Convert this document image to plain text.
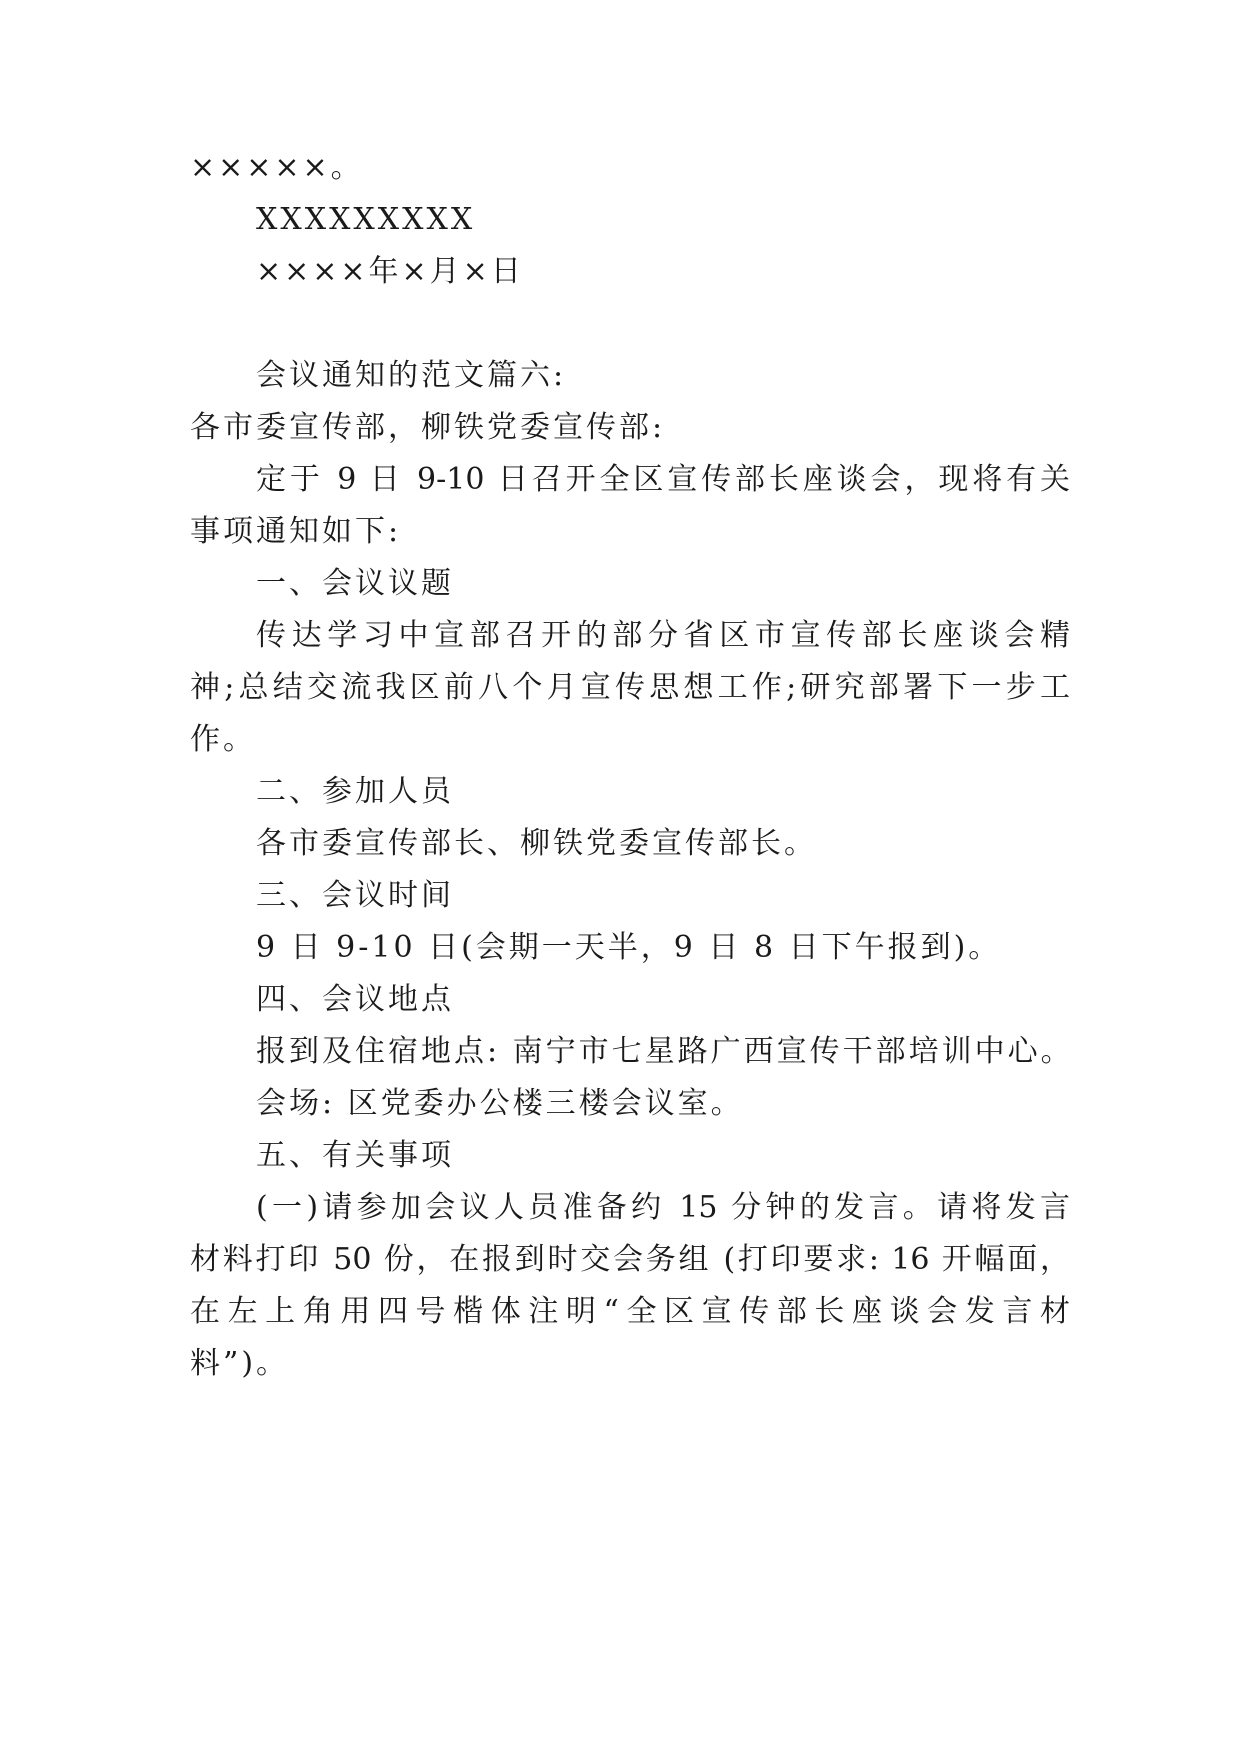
×××××。
XXXXXXXXX
××××年×月×日
会议通知的范文篇六:
各市委宣传部，柳铁党委宣传部:
定于 9 日 9-10 日召开全区宣传部长座谈会，现将有关
事项通知如下:
一、会议议题
传达学习中宣部召开的部分省区市宣传部长座谈会精
神;总结交流我区前八个月宣传思想工作;研究部署下一步工
作。
二、参加人员
各市委宣传部长、柳铁党委宣传部长。
三、会议时间
9 日 9-10 日(会期一天半，9 日 8 日下午报到)。
四、会议地点
报到及住宿地点: 南宁市七星路广西宣传干部培训中心。
会场: 区党委办公楼三楼会议室。
五、有关事项
(一)请参加会议人员准备约 15 分钟的发言。请将发言
材料打印 50 份，在报到时交会务组 (打印要求: 16 开幅面，
在左上角用四号楷体注明“全区宣传部长座谈会发言材
料”)。
